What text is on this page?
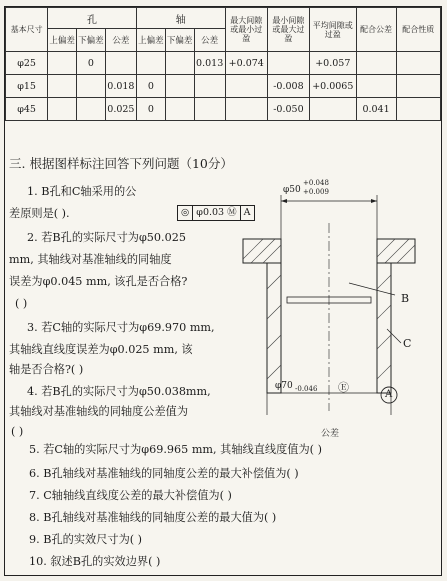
基本尺寸	孔			轴			最大间隙或最小过盈	最小间隙或最大过盈	平均间隙或过盈	配合公差	配合性质
	上偏差	下偏差	公差	上偏差	下偏差	公差					
φ25		0				0.013	+0.074		+0.057		
φ15			0.018	0				-0.008	+0.0065		
φ45			0.025	0				-0.050		0.041	
三. 根据图样标注回答下列问题（10分）
1. B孔和C轴采用的公
差原则是( ).	◎ φ0.03 Ⓜ A
2. 若B孔的实际尺寸为φ50.025
mm, 其轴线对基准轴线的同轴度
误差为φ0.045 mm, 该孔是否合格?
( )
3. 若C轴的实际尺寸为φ69.970 mm,
其轴线直线度误差为φ0.025 mm, 该
轴是否合格?( )
4. 若B孔的实际尺寸为φ50.038mm,
其轴线对基准轴线的同轴度公差值为
( )	公差
5. 若C轴的实际尺寸为φ69.965 mm, 其轴线直线度值为( )
6. B孔轴线对基准轴线的同轴度公差的最大补偿值为( )
7. C轴轴线直线度公差的最大补偿值为( )
8. B孔轴线对基准轴线的同轴度公差的最大值为( )
9. B孔的实效尺寸为( )
10. 叙述B孔的实效边界( )
φ50
+0.048
+0.009
B
C
φ70 -0.046 Ⓔ
A
